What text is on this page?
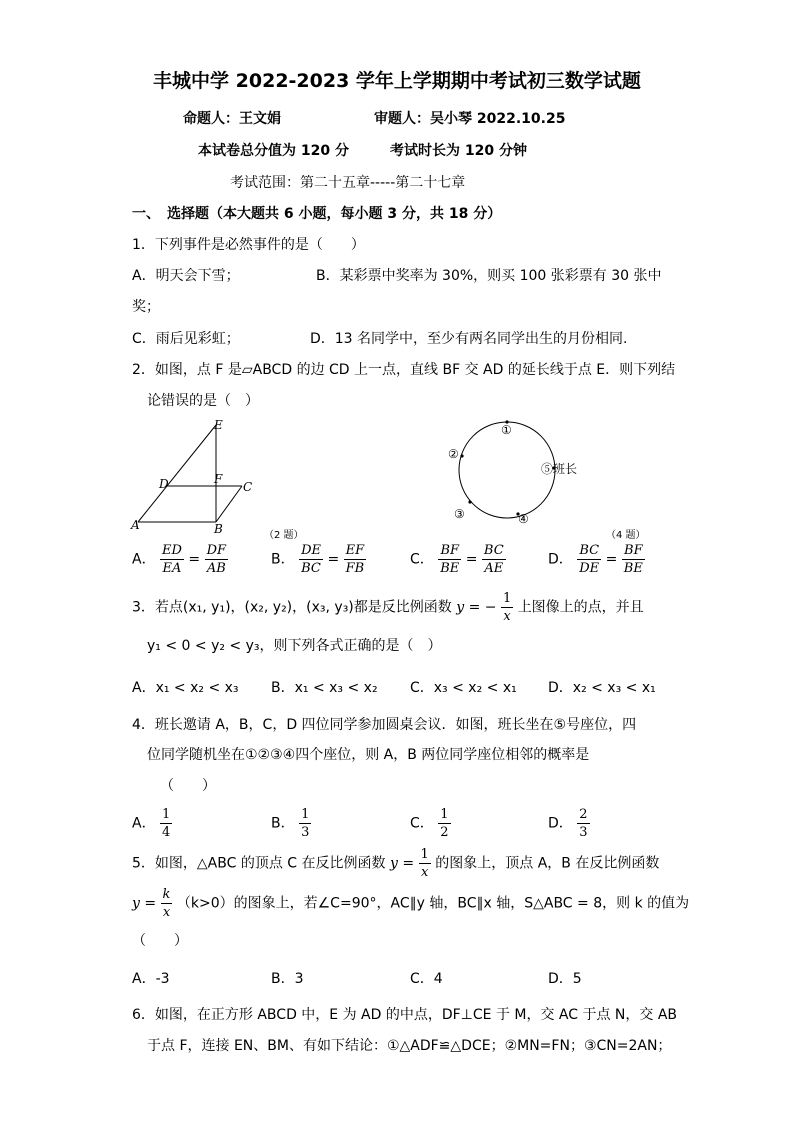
丰城中学 2022-2023 学年上学期期中考试初三数学试题
命题人：王文娟	审题人：吴小琴 2022.10.25
本试卷总分值为 120 分	考试时长为 120 分钟
考试范围：第二十五章-----第二十七章
一、　选择题（本大题共 6 小题，每小题 3 分，共 18 分）
1．下列事件是必然事件的是（　　）
A．明天会下雪；	B．某彩票中奖率为 30%，则买 100 张彩票有 30 张中
奖；
C．雨后见彩虹；	D．13 名同学中，至少有两名同学出生的月份相同.
2．如图，点 F 是▱ABCD 的边 CD 上一点，直线 BF 交 AD 的延长线于点 E．则下列结
论错误的是（　）
E
D	F
C
A	B	（2 题）
①
②
③	④
⑤班长
（4 题）
A． $\frac{ED}{EA} = \frac{DF}{AB}$	B． $\frac{DE}{BC} = \frac{EF}{FB}$	C． $\frac{BF}{BE} = \frac{BC}{AE}$	D． $\frac{BC}{DE} = \frac{BF}{BE}$
3．若点(x₁, y₁)，(x₂, y₂)，(x₃, y₃)都是反比例函数 y = − $\frac{1}{x}$ 上图像上的点，并且
y₁ < 0 < y₂ < y₃，则下列各式正确的是（　）
A．x₁ < x₂ < x₃ B．x₁ < x₃ < x₂ C．x₃ < x₂ < x₁ D．x₂ < x₃ < x₁
4．班长邀请 A，B，C，D 四位同学参加圆桌会议．如图，班长坐在⑤号座位，四
位同学随机坐在①②③④四个座位，则 A，B 两位同学座位相邻的概率是
（　　）
A． $\frac{1}{4}$	B． $\frac{1}{3}$	C． $\frac{1}{2}$	D． $\frac{2}{3}$
5．如图，△ABC 的顶点 C 在反比例函数 $y = \frac{1}{x}$ 的图象上，顶点 A，B 在反比例函数
$y = \frac{k}{x} (k>0)$的图象上，若∠C=90°，AC∥y 轴，BC∥x 轴，S△ABC = 8，则 k 的值为
（　　）
A．-3	B．3	C．4	D．5
6．如图，在正方形 ABCD 中，E 为 AD 的中点，DF⊥CE 于 M，交 AC 于点 N，交 AB
于点 F，连接 EN、BM、有如下结论：①△ADF≌△DCE；②MN=FN；③CN=2AN；
